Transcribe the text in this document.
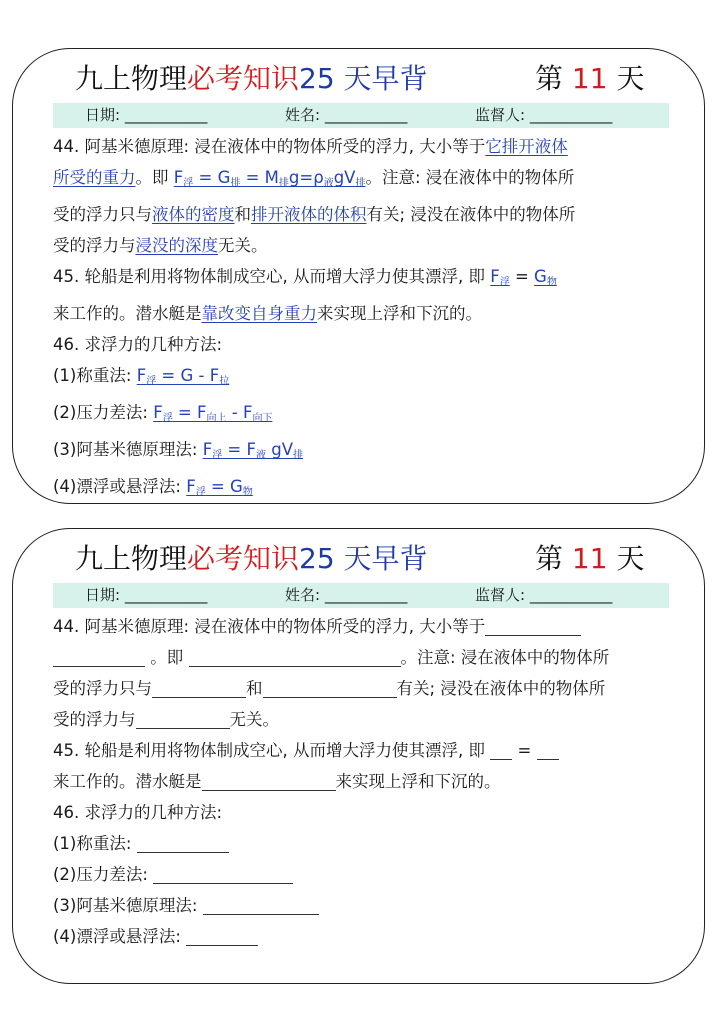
九上物理必考知识25 天早背	第 11 天
日期: ___________	姓名: ___________	监督人: ___________

44. 阿基米德原理: 浸在液体中的物体所受的浮力, 大小等于它排开液体

所受的重力。即 $F_浮 = G_排 = M_排g=\rho_液gV_排$。注意: 浸在液体中的物体所

受的浮力只与液体的密度和排开液体的体积有关; 浸没在液体中的物体所

受的浮力与浸没的深度无关。

45. 轮船是利用将物体制成空心, 从而增大浮力使其漂浮, 即 $F_浮 = G_物$

来工作的。潜水艇是靠改变自身重力来实现上浮和下沉的。

46. 求浮力的几种方法:

(1)称重法: $F_浮 = G - F_拉$

(2)压力差法: $F_浮 = F_{向上} - F_{向下}$

(3)阿基米德原理法: $F_浮 = F_液$ $gV_排$

(4)漂浮或悬浮法: $F_浮 = G_物$

九上物理必考知识25 天早背	第 11 天
日期: ___________	姓名: ___________	监督人: ___________

44. 阿基米德原理: 浸在液体中的物体所受的浮力, 大小等于

。即	。注意: 浸在液体中的物体所

受的浮力只与	和	有关; 浸没在液体中的物体所

受的浮力与	无关。

45. 轮船是利用将物体制成空心, 从而增大浮力使其漂浮, 即 =

来工作的。潜水艇是	来实现上浮和下沉的。

46. 求浮力的几种方法:

(1)称重法:

(2)压力差法:

(3)阿基米德原理法:

(4)漂浮或悬浮法:
